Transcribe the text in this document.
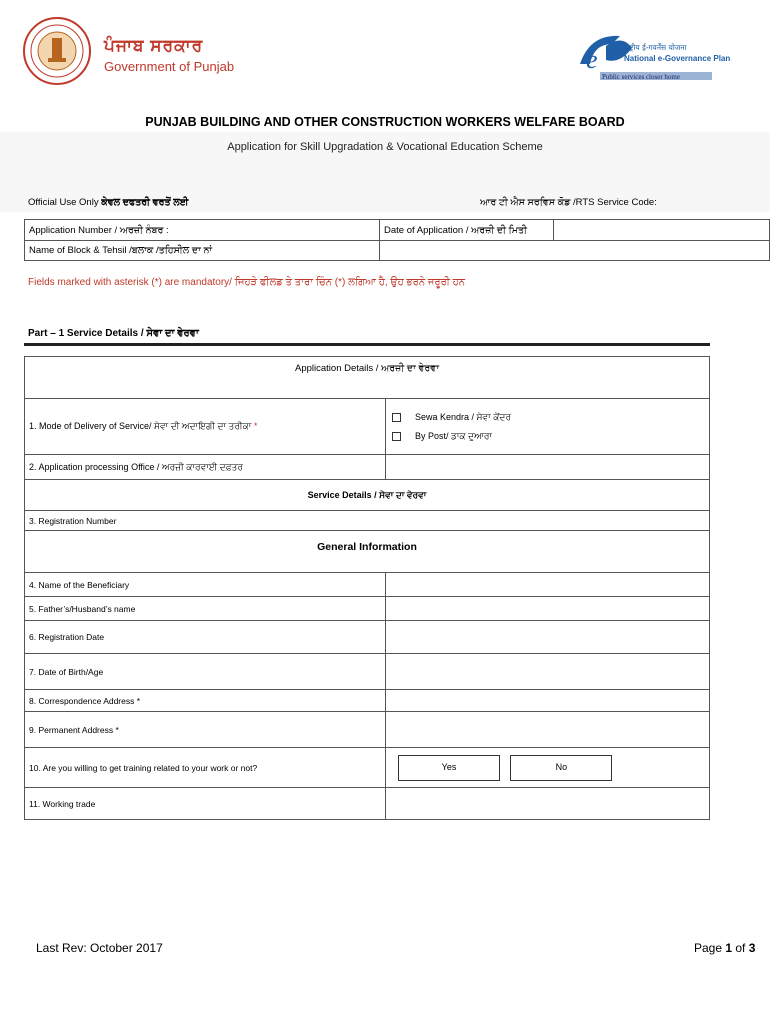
ਪੰਜਾਬ ਸਰਕਾਰ
Government of Punjab	e	राष्ट्रीय ई-गवर्नेंस योजना
National e-Governance Plan
Public services closer home
PUNJAB BUILDING AND OTHER CONSTRUCTION WORKERS WELFARE BOARD
Application for Skill Upgradation & Vocational Education Scheme
Official Use Only ਕੇਵਲ ਦਫਤਰੀ ਵਰਤੋਂ ਲਈ	ਆਰ ਟੀ ਐਸ ਸਰਵਿਸ ਕੋਡ /RTS Service Code:
Application Number / ਅਰਜ਼ੀ ਨੰਬਰ :	Date of Application / ਅਰਜ਼ੀ ਦੀ ਮਿਤੀ	
Name of Block & Tehsil /ਬਲਾਕ /ਤਹਿਸੀਲ ਦਾ ਨਾਂ		
Fields marked with asterisk (*) are mandatory/ ਜਿਹੜੇ ਫੀਲਡ ਤੇ ਤਾਰਾ ਚਿੰਨ (*) ਲਗਿਆ ਹੈ, ਉਹ ਭਰਨੇ ਜਰੂਰੀ ਹਨ
Part – 1 Service Details / ਸੇਵਾ ਦਾ ਵੇਰਵਾ
Application Details / ਅਰਜ਼ੀ ਦਾ ਵੇਰਵਾ	
1. Mode of Delivery of Service/ ਸੇਵਾ ਦੀ ਅਦਾਇਗੀ ਦਾ ਤਰੀਕਾ *	Sewa Kendra / ਸੇਵਾ ਕੇਂਦਰ
By Post/ ਡਾਕ ਦੁਆਰਾ

2. Application processing Office / ਅਰਜ਼ੀ ਕਾਰਵਾਈ ਦਫ਼ਤਰ	
Service Details / ਸੇਵਾ ਦਾ ਵੇਰਵਾ	
3. Registration Number	
General Information	
4. Name of the Beneficiary	
5. Father’s/Husband’s name	
6. Registration Date	
7. Date of Birth/Age	
8. Correspondence Address *	
9. Permanent Address *	
10. Are you willing to get training related to your work or not?	Yes No
11. Working trade	
Last Rev: October 2017	Page 1 of 3
